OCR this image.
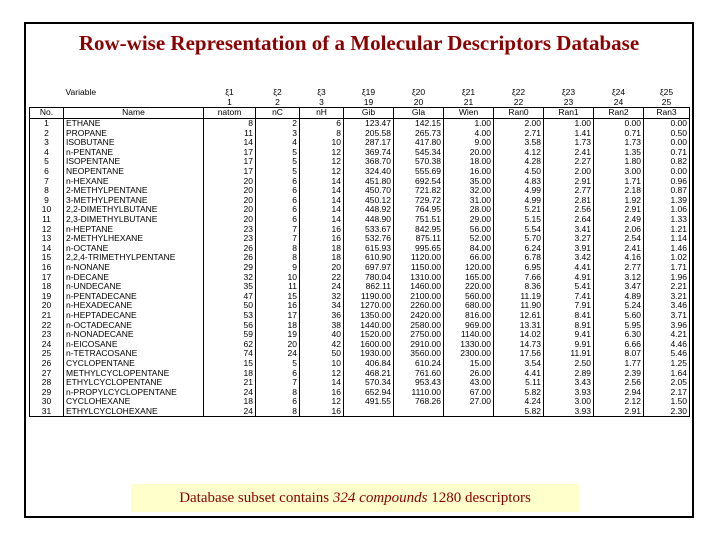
Row-wise Representation of a Molecular Descriptors Database
	Variable	ξ1	ξ2	ξ3	ξ19	ξ20	ξ21	ξ22	ξ23	ξ24	ξ25
		1	2	3	19	20	21	22	23	24	25
No.	Name	natom	nC	nH	Gib	Gla	Wien	Ran0	Ran1	Ran2	Ran3
1	ETHANE	8	2	6	123.47	142.15	1.00	2.00	1.00	0.00	0.00
2	PROPANE	11	3	8	205.58	265.73	4.00	2.71	1.41	0.71	0.50
3	ISOBUTANE	14	4	10	287.17	417.80	9.00	3.58	1.73	1.73	0.00
4	n-PENTANE	17	5	12	369.74	545.34	20.00	4.12	2.41	1.35	0.71
5	ISOPENTANE	17	5	12	368.70	570.38	18.00	4.28	2.27	1.80	0.82
6	NEOPENTANE	17	5	12	324.40	555.69	16.00	4.50	2.00	3.00	0.00
7	n-HEXANE	20	6	14	451.80	692.54	35.00	4.83	2.91	1.71	0.96
8	2-METHYLPENTANE	20	6	14	450.70	721.82	32.00	4.99	2.77	2.18	0.87
9	3-METHYLPENTANE	20	6	14	450.12	729.72	31.00	4.99	2.81	1.92	1.39
10	2,2-DIMETHYLBUTANE	20	6	14	448.92	764.95	28.00	5.21	2.56	2.91	1.06
11	2,3-DIMETHYLBUTANE	20	6	14	448.90	751.51	29.00	5.15	2.64	2.49	1.33
12	n-HEPTANE	23	7	16	533.67	842.95	56.00	5.54	3.41	2.06	1.21
13	2-METHYLHEXANE	23	7	16	532.76	875.11	52.00	5.70	3.27	2.54	1.14
14	n-OCTANE	26	8	18	615.93	995.65	84.00	6.24	3.91	2.41	1.46
15	2,2,4-TRIMETHYLPENTANE	26	8	18	610.90	1120.00	66.00	6.78	3.42	4.16	1.02
16	n-NONANE	29	9	20	697.97	1150.00	120.00	6.95	4.41	2.77	1.71
17	n-DECANE	32	10	22	780.04	1310.00	165.00	7.66	4.91	3.12	1.96
18	n-UNDECANE	35	11	24	862.11	1460.00	220.00	8.36	5.41	3.47	2.21
19	n-PENTADECANE	47	15	32	1190.00	2100.00	560.00	11.19	7.41	4.89	3.21
20	n-HEXADECANE	50	16	34	1270.00	2260.00	680.00	11.90	7.91	5.24	3.46
21	n-HEPTADECANE	53	17	36	1350.00	2420.00	816.00	12.61	8.41	5.60	3.71
22	n-OCTADECANE	56	18	38	1440.00	2580.00	969.00	13.31	8.91	5.95	3.96
23	n-NONADECANE	59	19	40	1520.00	2750.00	1140.00	14.02	9.41	6.30	4.21
24	n-EICOSANE	62	20	42	1600.00	2910.00	1330.00	14.73	9.91	6.66	4.46
25	n-TETRACOSANE	74	24	50	1930.00	3560.00	2300.00	17.56	11.91	8.07	5.46
26	CYCLOPENTANE	15	5	10	406.84	610.24	15.00	3.54	2.50	1.77	1.25
27	METHYLCYCLOPENTANE	18	6	12	468.21	761.60	26.00	4.41	2.89	2.39	1.64
28	ETHYLCYCLOPENTANE	21	7	14	570.34	953.43	43.00	5.11	3.43	2.56	2.05
29	n-PROPYLCYCLOPENTANE	24	8	16	652.94	1110.00	67.00	5.82	3.93	2.94	2.17
30	CYCLOHEXANE	18	6	12	491.55	768.26	27.00	4.24	3.00	2.12	1.50
31	ETHYLCYCLOHEXANE	24	8	16				5.82	3.93	2.91	2.30
Database subset contains 324 compounds 1280 descriptors
